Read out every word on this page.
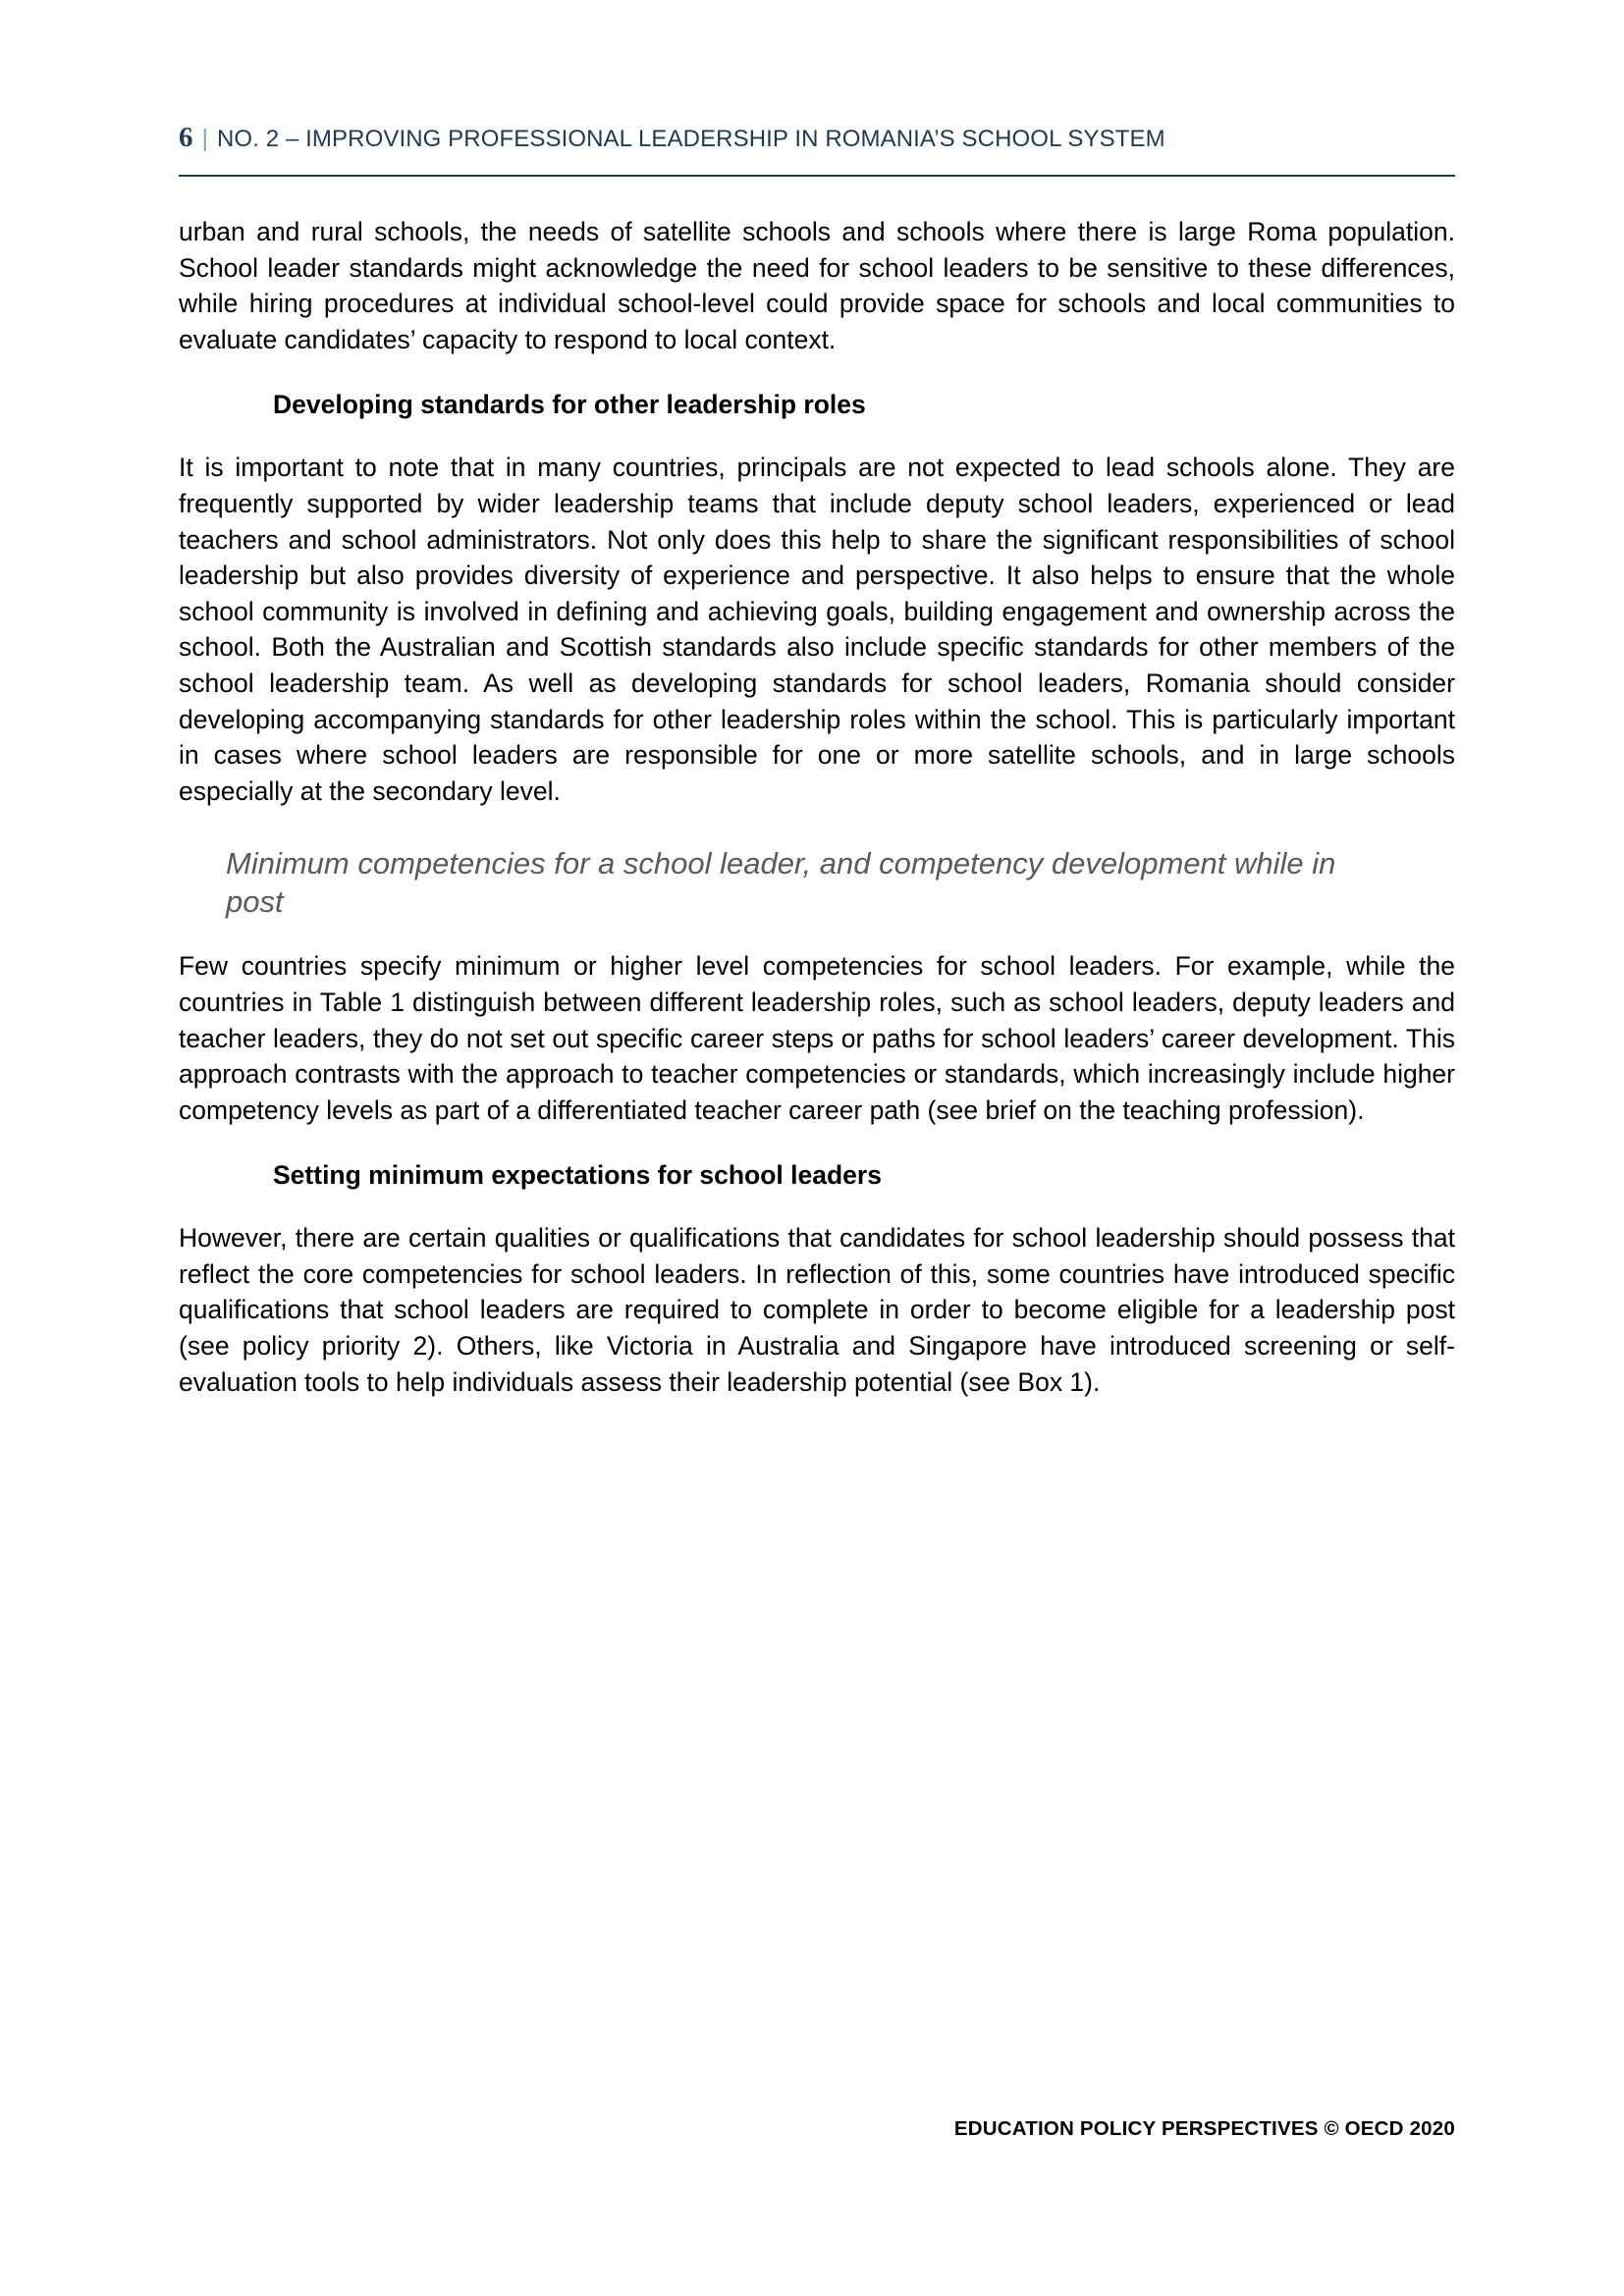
6 | NO. 2 – IMPROVING PROFESSIONAL LEADERSHIP IN ROMANIA’S SCHOOL SYSTEM

urban and rural schools, the needs of satellite schools and schools where there is large Roma population. School leader standards might acknowledge the need for school leaders to be sensitive to these differences, while hiring procedures at individual school-level could provide space for schools and local communities to evaluate candidates’ capacity to respond to local context.

Developing standards for other leadership roles

It is important to note that in many countries, principals are not expected to lead schools alone. They are frequently supported by wider leadership teams that include deputy school leaders, experienced or lead teachers and school administrators. Not only does this help to share the significant responsibilities of school leadership but also provides diversity of experience and perspective. It also helps to ensure that the whole school community is involved in defining and achieving goals, building engagement and ownership across the school. Both the Australian and Scottish standards also include specific standards for other members of the school leadership team. As well as developing standards for school leaders, Romania should consider developing accompanying standards for other leadership roles within the school. This is particularly important in cases where school leaders are responsible for one or more satellite schools, and in large schools especially at the secondary level.

Minimum competencies for a school leader, and competency development while in post

Few countries specify minimum or higher level competencies for school leaders. For example, while the countries in Table 1 distinguish between different leadership roles, such as school leaders, deputy leaders and teacher leaders, they do not set out specific career steps or paths for school leaders’ career development. This approach contrasts with the approach to teacher competencies or standards, which increasingly include higher competency levels as part of a differentiated teacher career path (see brief on the teaching profession).

Setting minimum expectations for school leaders

However, there are certain qualities or qualifications that candidates for school leadership should possess that reflect the core competencies for school leaders. In reflection of this, some countries have introduced specific qualifications that school leaders are required to complete in order to become eligible for a leadership post (see policy priority 2). Others, like Victoria in Australia and Singapore have introduced screening or self-evaluation tools to help individuals assess their leadership potential (see Box 1).

EDUCATION POLICY PERSPECTIVES © OECD 2020
